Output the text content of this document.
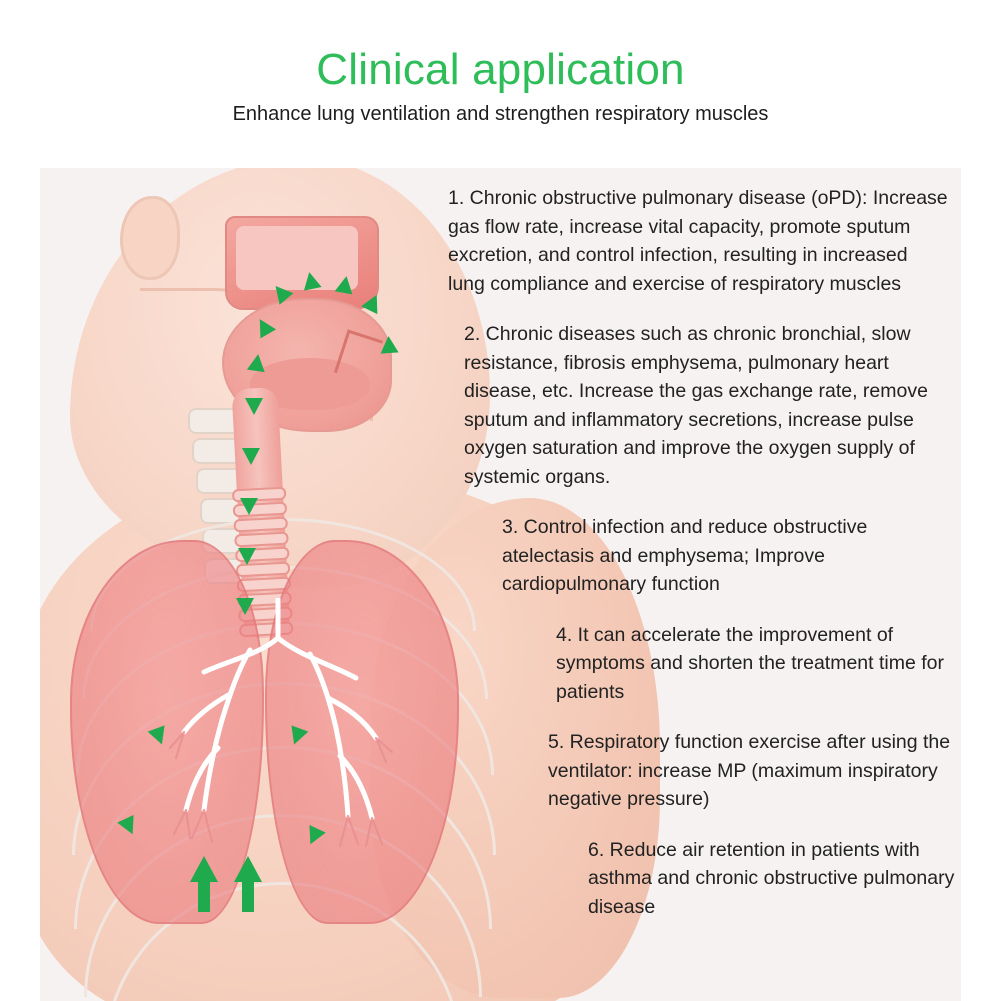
Clinical application
Enhance lung ventilation and strengthen respiratory muscles

1. Chronic obstructive pulmonary disease (oPD): Increase gas flow rate, increase vital capacity, promote sputum excretion, and control infection, resulting in increased lung compliance and exercise of respiratory muscles

2. Chronic diseases such as chronic bronchial, slow resistance, fibrosis emphysema, pulmonary heart disease, etc. Increase the gas exchange rate, remove sputum and inflammatory secretions, increase pulse oxygen saturation and improve the oxygen supply of systemic organs.

3. Control infection and reduce obstructive atelectasis and emphysema; Improve cardiopulmonary function

4. It can accelerate the improvement of symptoms and shorten the treatment time for patients

5. Respiratory function exercise after using the ventilator: increase MP (maximum inspiratory negative pressure)

6. Reduce air retention in patients with asthma and chronic obstructive pulmonary disease
